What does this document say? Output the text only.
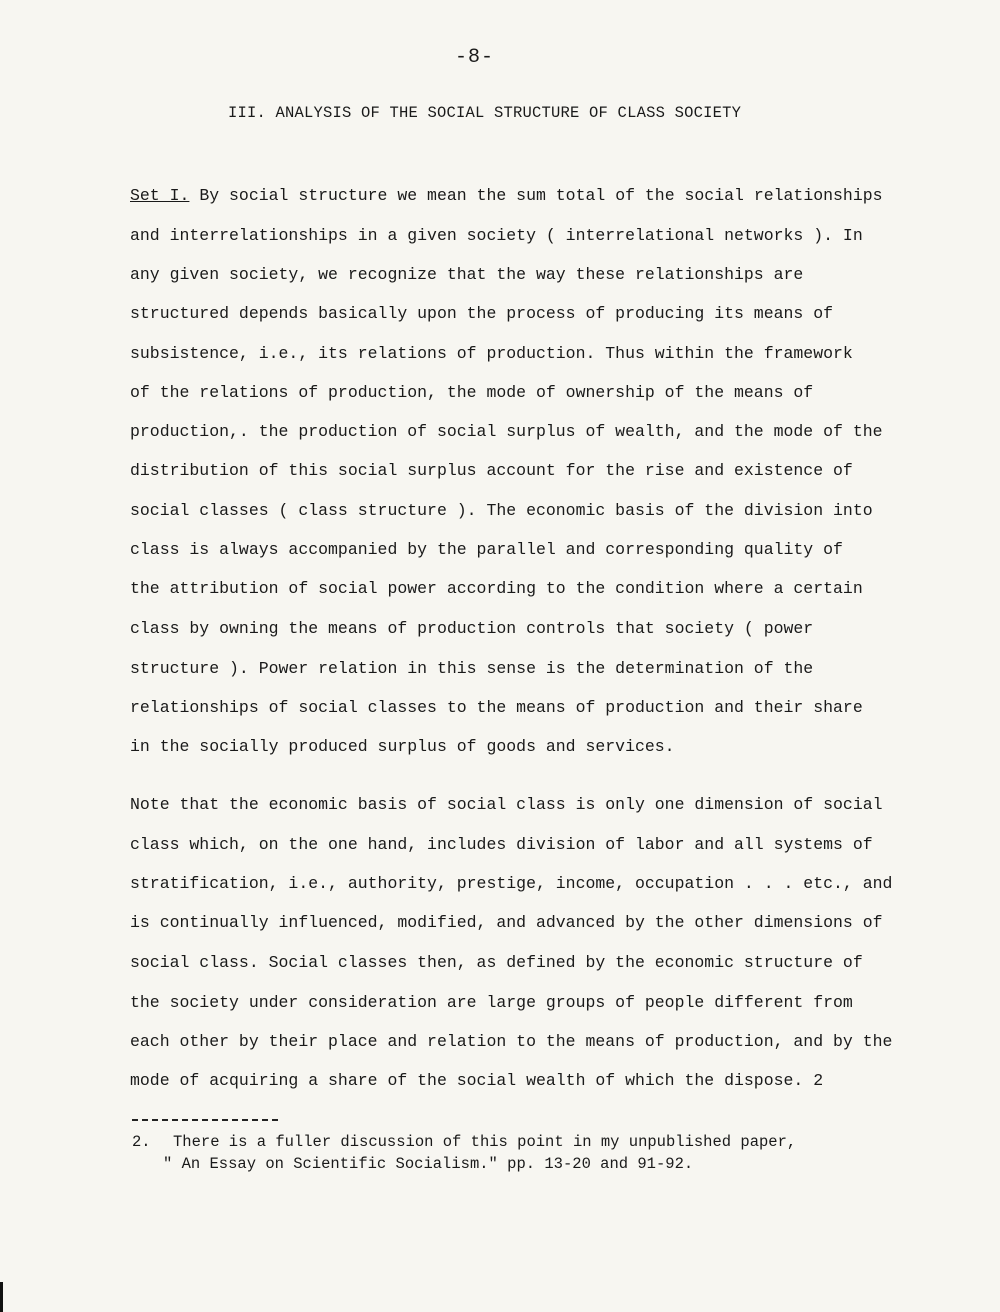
-8-
III. ANALYSIS OF THE SOCIAL STRUCTURE OF CLASS SOCIETY
Set I. By social structure we mean the sum total of the social relationships
and interrelationships in a given society ( interrelational networks ). In
any given society, we recognize that the way these relationships are
structured depends basically upon the process of producing its means of
subsistence, i.e., its relations of production. Thus within the framework
of the relations of production, the mode of ownership of the means of
production,. the production of social surplus of wealth, and the mode of the
distribution of this social surplus account for the rise and existence of
social classes ( class structure ). The economic basis of the division into
class is always accompanied by the parallel and corresponding quality of
the attribution of social power according to the condition where a certain
class by owning the means of production controls that society ( power
structure ). Power relation in this sense is the determination of the
relationships of social classes to the means of production and their share
in the socially produced surplus of goods and services.
Note that the economic basis of social class is only one dimension of social
class which, on the one hand, includes division of labor and all systems of
stratification, i.e., authority, prestige, income, occupation . . . etc., and
is continually influenced, modified, and advanced by the other dimensions of
social class. Social classes then, as defined by the economic structure of
the society under consideration are large groups of people different from
each other by their place and relation to the means of production, and by the
mode of acquiring a share of the social wealth of which the dispose. 2
2. There is a fuller discussion of this point in my unpublished paper,
" An Essay on Scientific Socialism." pp. 13-20 and 91-92.
